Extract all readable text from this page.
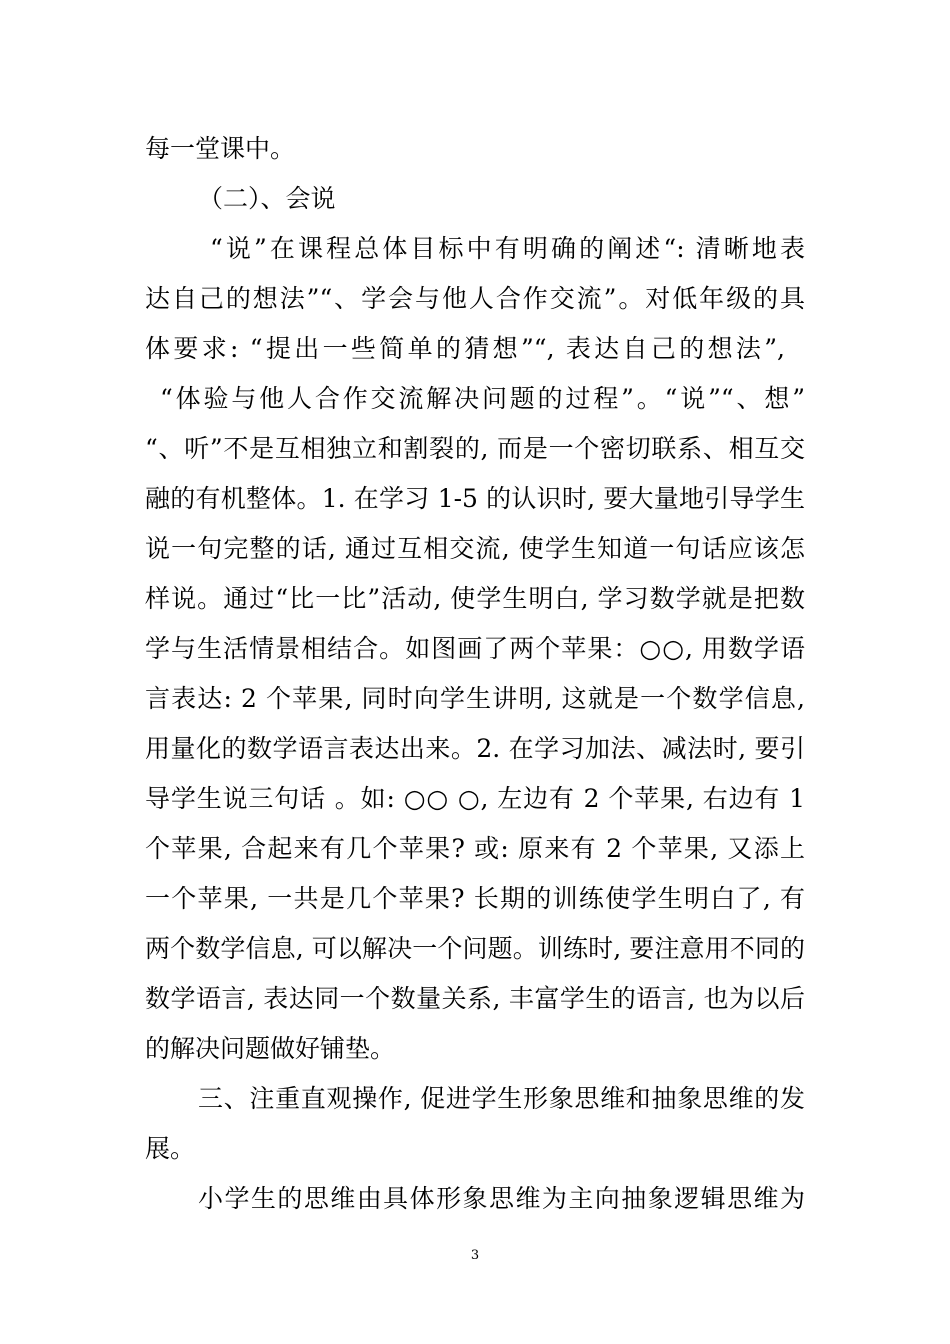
每一堂课中。
（二）、会说
“说”在课程总体目标中有明确的阐述“: 清晰地表
达自己的想法”“、学会与他人合作交流”。对低年级的具
体要求: “提出一些简单的猜想”“, 表达自己的想法”,
“体验与他人合作交流解决问题的过程”。“说”“、想”
“、听”不是互相独立和割裂的, 而是一个密切联系、相互交
融的有机整体。1. 在学习 1-5 的认识时, 要大量地引导学生
说一句完整的话, 通过互相交流, 使学生知道一句话应该怎
样说。通过“比一比”活动, 使学生明白, 学习数学就是把数
学与生活情景相结合。如图画了两个苹果：○○, 用数学语
言表达: 2 个苹果, 同时向学生讲明, 这就是一个数学信息,
用量化的数学语言表达出来。2. 在学习加法、减法时, 要引
导学生说三句话 。如: ○○ ○, 左边有 2 个苹果, 右边有 1
个苹果, 合起来有几个苹果? 或: 原来有 2 个苹果, 又添上
一个苹果, 一共是几个苹果? 长期的训练使学生明白了, 有
两个数学信息, 可以解决一个问题。训练时, 要注意用不同的
数学语言, 表达同一个数量关系, 丰富学生的语言, 也为以后
的解决问题做好铺垫。
三、注重直观操作, 促进学生形象思维和抽象思维的发
展。
小学生的思维由具体形象思维为主向抽象逻辑思维为
3
